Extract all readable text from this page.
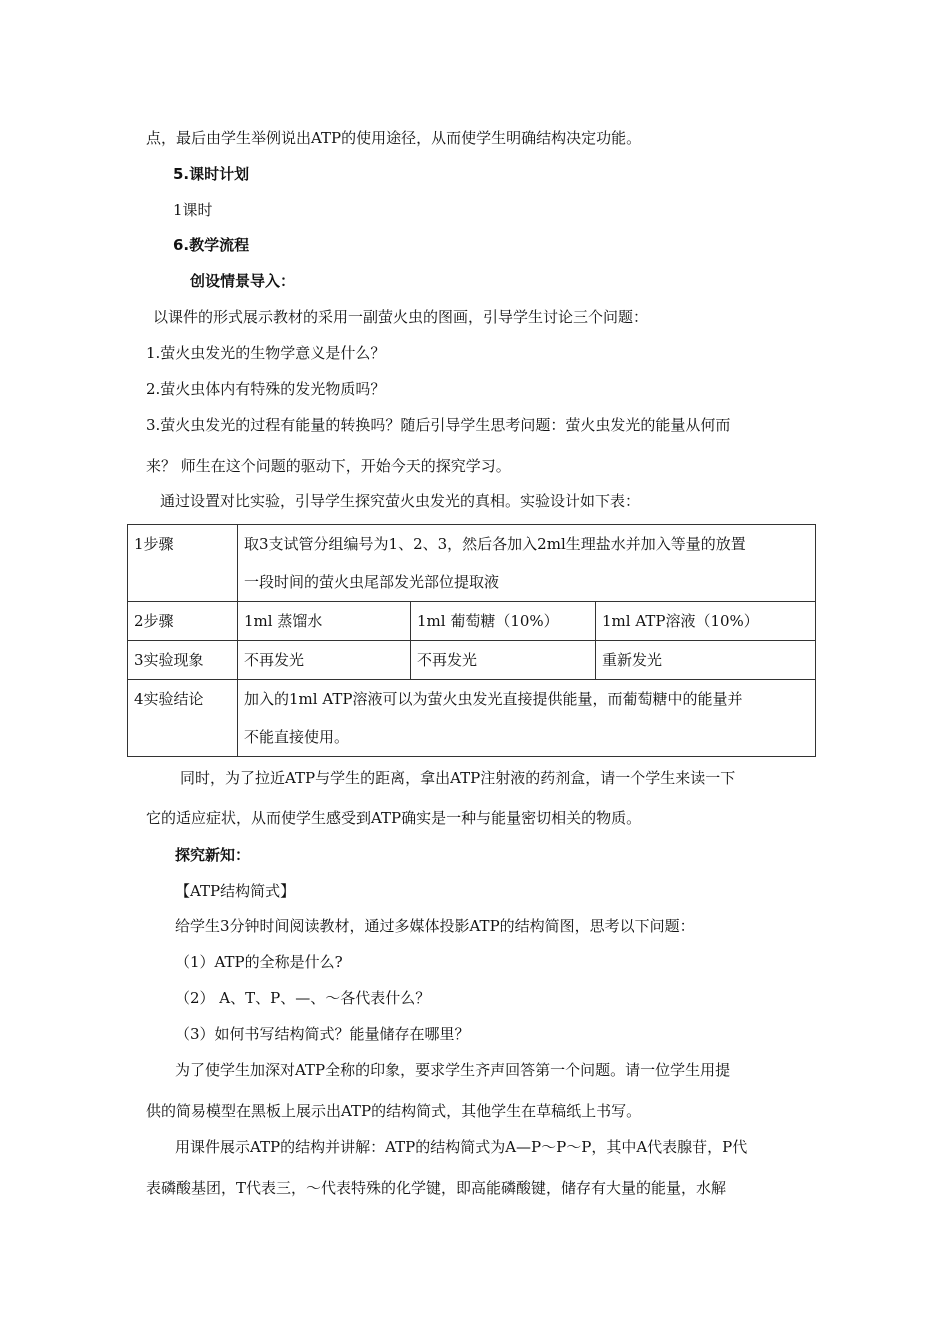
点，最后由学生举例说出ATP的使用途径，从而使学生明确结构决定功能。
5.课时计划
1课时
6.教学流程
创设情景导入：
以课件的形式展示教材的采用一副萤火虫的图画，引导学生讨论三个问题：
1.萤火虫发光的生物学意义是什么？
2.萤火虫体内有特殊的发光物质吗？
3.萤火虫发光的过程有能量的转换吗？随后引导学生思考问题：萤火虫发光的能量从何而
来？ 师生在这个问题的驱动下，开始今天的探究学习。
通过设置对比实验，引导学生探究萤火虫发光的真相。实验设计如下表：
1步骤	取3支试管分组编号为1、2、3，然后各加入2ml生理盐水并加入等量的放置
一段时间的萤火虫尾部发光部位提取液		

2步骤	1ml 蒸馏水	1ml 葡萄糖（10%）	1ml ATP溶液（10%）
3实验现象	不再发光	不再发光	重新发光
4实验结论	加入的1ml ATP溶液可以为萤火虫发光直接提供能量，而葡萄糖中的能量并
不能直接使用。		
同时，为了拉近ATP与学生的距离，拿出ATP注射液的药剂盒，请一个学生来读一下
它的适应症状，从而使学生感受到ATP确实是一种与能量密切相关的物质。
探究新知：
【ATP结构简式】
给学生3分钟时间阅读教材，通过多媒体投影ATP的结构简图，思考以下问题：
（1）ATP的全称是什么?
（2） A、T、P、—、～各代表什么？
（3）如何书写结构简式？能量储存在哪里？
为了使学生加深对ATP全称的印象，要求学生齐声回答第一个问题。请一位学生用提
供的简易模型在黑板上展示出ATP的结构简式，其他学生在草稿纸上书写。
用课件展示ATP的结构并讲解：ATP的结构简式为A—P～P～P，其中A代表腺苷，P代
表磷酸基团，T代表三，～代表特殊的化学键，即高能磷酸键，储存有大量的能量，水解
